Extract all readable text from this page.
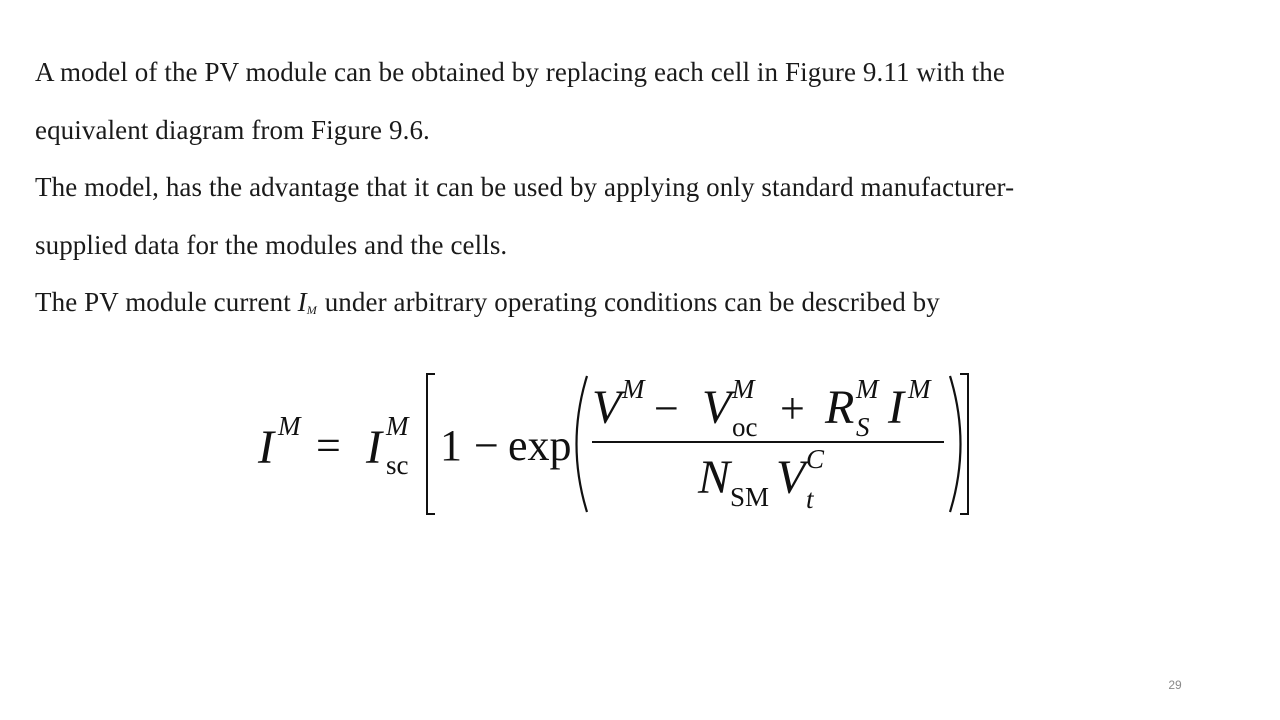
A model of the PV module can be obtained by replacing each cell in Figure 9.11 with the

equivalent diagram from Figure 9.6.

The model, has the advantage that it can be used by applying only standard manufacturer-

supplied data for the modules and the cells.

The PV module current IM under arbitrary operating conditions can be described by

I M = I M
sc 1 − exp
V M − V M
oc + R M
S I M
N SM V C
t
29
